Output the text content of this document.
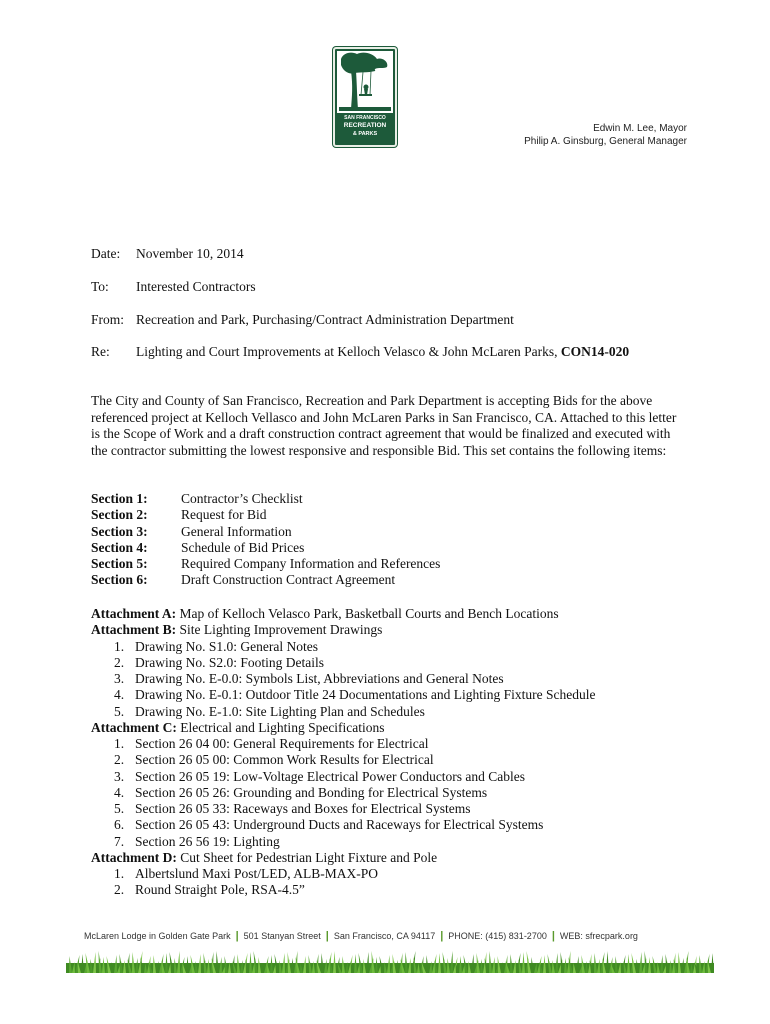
SAN FRANCISCO
RECREATION
& PARKS	Edwin M. Lee, Mayor
Philip A. Ginsburg, General Manager
Date: November 10, 2014
To: Interested Contractors
From: Recreation and Park, Purchasing/Contract Administration Department
Re: Lighting and Court Improvements at Kelloch Velasco & John McLaren Parks, CON14-020
The City and County of San Francisco, Recreation and Park Department is accepting Bids for the above referenced project at Kelloch Vellasco and John McLaren Parks in San Francisco, CA. Attached to this letter is the Scope of Work and a draft construction contract agreement that would be finalized and executed with the contractor submitting the lowest responsive and responsible Bid. This set contains the following items:
Section 1:	Contractor’s Checklist
Section 2:	Request for Bid
Section 3:	General Information
Section 4:	Schedule of Bid Prices
Section 5:	Required Company Information and References
Section 6:	Draft Construction Contract Agreement
Attachment A: Map of Kelloch Velasco Park, Basketball Courts and Bench Locations
Attachment B: Site Lighting Improvement Drawings
1. Drawing No. S1.0: General Notes
2. Drawing No. S2.0: Footing Details
3. Drawing No. E-0.0: Symbols List, Abbreviations and General Notes
4. Drawing No. E-0.1: Outdoor Title 24 Documentations and Lighting Fixture Schedule
5. Drawing No. E-1.0: Site Lighting Plan and Schedules
Attachment C: Electrical and Lighting Specifications
1. Section 26 04 00: General Requirements for Electrical
2. Section 26 05 00: Common Work Results for Electrical
3. Section 26 05 19: Low-Voltage Electrical Power Conductors and Cables
4. Section 26 05 26: Grounding and Bonding for Electrical Systems
5. Section 26 05 33: Raceways and Boxes for Electrical Systems
6. Section 26 05 43: Underground Ducts and Raceways for Electrical Systems
7. Section 26 56 19: Lighting
Attachment D: Cut Sheet for Pedestrian Light Fixture and Pole
1. Albertslund Maxi Post/LED, ALB-MAX-PO
2. Round Straight Pole, RSA-4.5”
McLaren Lodge in Golden Gate Park | 501 Stanyan Street | San Francisco, CA 94117 | PHONE: (415) 831-2700 | WEB: sfrecpark.org
